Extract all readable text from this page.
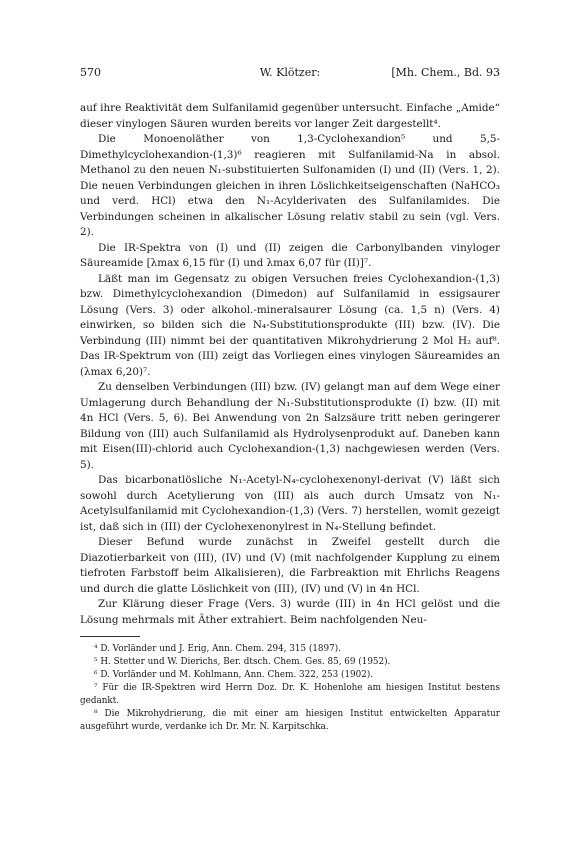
570	W. Klötzer:	[Mh. Chem., Bd. 93

auf ihre Reaktivität dem Sulfanilamid gegenüber untersucht. Einfache „Amide“ dieser vinylogen Säuren wurden bereits vor langer Zeit dargestellt⁴.

Die Monoenoläther von 1,3-Cyclohexandion⁵ und 5,5-Dimethylcyclohexandion-(1,3)⁶ reagieren mit Sulfanilamid-Na in absol. Methanol zu den neuen N₁-substituierten Sulfonamiden (I) und (II) (Vers. 1, 2). Die neuen Verbindungen gleichen in ihren Löslichkeitseigenschaften (NaHCO₃ und verd. HCl) etwa den N₁-Acylderivaten des Sulfanilamides. Die Verbindungen scheinen in alkalischer Lösung relativ stabil zu sein (vgl. Vers. 2).

Die IR-Spektra von (I) und (II) zeigen die Carbonylbanden vinyloger Säureamide [λmax 6,15 für (I) und λmax 6,07 für (II)]⁷.

Läßt man im Gegensatz zu obigen Versuchen freies Cyclohexandion-(1,3) bzw. Dimethylcyclohexandion (Dimedon) auf Sulfanilamid in essigsaurer Lösung (Vers. 3) oder alkohol.-mineralsaurer Lösung (ca. 1,5 n) (Vers. 4) einwirken, so bilden sich die N₄-Substitutionsprodukte (III) bzw. (IV). Die Verbindung (III) nimmt bei der quantitativen Mikrohydrierung 2 Mol H₂ auf⁸. Das IR-Spektrum von (III) zeigt das Vorliegen eines vinylogen Säureamides an (λmax 6,20)⁷.

Zu denselben Verbindungen (III) bzw. (IV) gelangt man auf dem Wege einer Umlagerung durch Behandlung der N₁-Substitutionsprodukte (I) bzw. (II) mit 4n HCl (Vers. 5, 6). Bei Anwendung von 2n Salzsäure tritt neben geringerer Bildung von (III) auch Sulfanilamid als Hydrolysenprodukt auf. Daneben kann mit Eisen(III)-chlorid auch Cyclohexandion-(1,3) nachgewiesen werden (Vers. 5).

Das bicarbonatlösliche N₁-Acetyl-N₄-cyclohexenonyl-derivat (V) läßt sich sowohl durch Acetylierung von (III) als auch durch Umsatz von N₁-Acetylsulfanilamid mit Cyclohexandion-(1,3) (Vers. 7) herstellen, womit gezeigt ist, daß sich in (III) der Cyclohexenonylrest in N₄-Stellung befindet.

Dieser Befund wurde zunächst in Zweifel gestellt durch die Diazotierbarkeit von (III), (IV) und (V) (mit nachfolgender Kupplung zu einem tiefroten Farbstoff beim Alkalisieren), die Farbreaktion mit Ehrlichs Reagens und durch die glatte Löslichkeit von (III), (IV) und (V) in 4n HCl.

Zur Klärung dieser Frage (Vers. 3) wurde (III) in 4n HCl gelöst und die Lösung mehrmals mit Äther extrahiert. Beim nachfolgenden Neu-

⁴ D. Vorländer und J. Erig, Ann. Chem. 294, 315 (1897).

⁵ H. Stetter und W. Dierichs, Ber. dtsch. Chem. Ges. 85, 69 (1952).

⁶ D. Vorländer und M. Kohlmann, Ann. Chem. 322, 253 (1902).

⁷ Für die IR-Spektren wird Herrn Doz. Dr. K. Hohenlohe am hiesigen Institut bestens gedankt.

⁸ Die Mikrohydrierung, die mit einer am hiesigen Institut entwickelten Apparatur ausgeführt wurde, verdanke ich Dr. Mr. N. Karpitschka.
